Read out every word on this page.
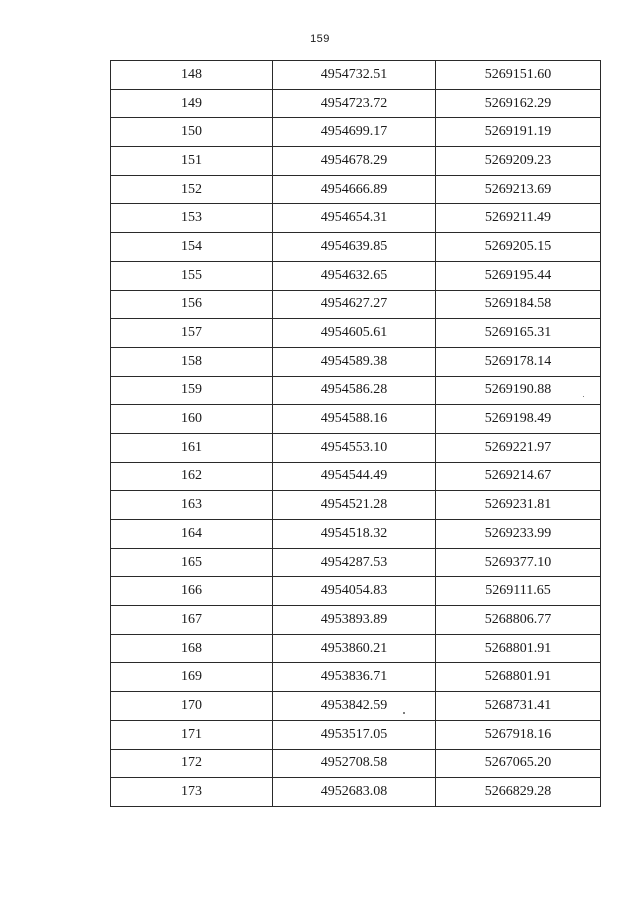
159
148	4954732.51	5269151.60
149	4954723.72	5269162.29
150	4954699.17	5269191.19
151	4954678.29	5269209.23
152	4954666.89	5269213.69
153	4954654.31	5269211.49
154	4954639.85	5269205.15
155	4954632.65	5269195.44
156	4954627.27	5269184.58
157	4954605.61	5269165.31
158	4954589.38	5269178.14
159	4954586.28	5269190.88
160	4954588.16	5269198.49
161	4954553.10	5269221.97
162	4954544.49	5269214.67
163	4954521.28	5269231.81
164	4954518.32	5269233.99
165	4954287.53	5269377.10
166	4954054.83	5269111.65
167	4953893.89	5268806.77
168	4953860.21	5268801.91
169	4953836.71	5268801.91
170	4953842.59	5268731.41
171	4953517.05	5267918.16
172	4952708.58	5267065.20
173	4952683.08	5266829.28
